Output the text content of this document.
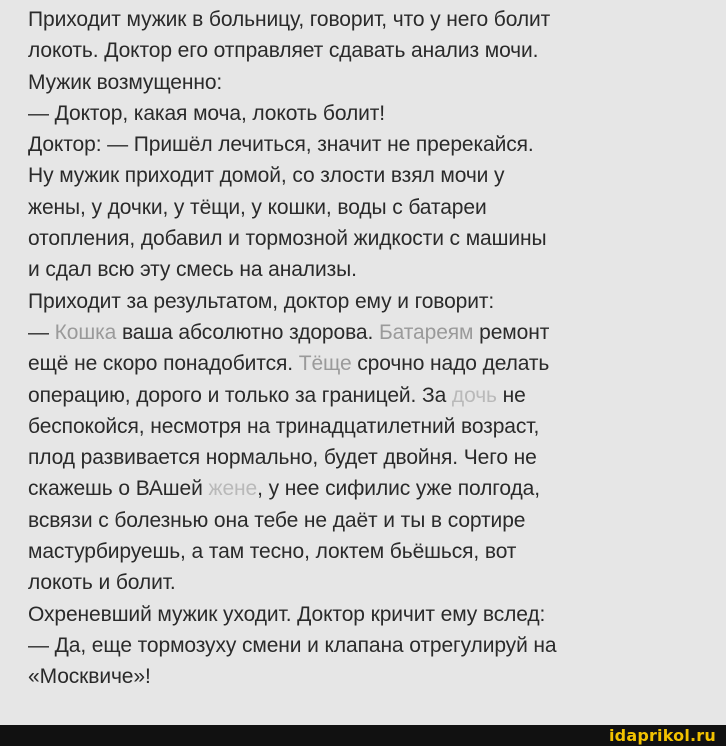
Приходит мужик в больницу, говорит, что у него болит
локоть. Доктор его отправляет сдавать анализ мочи.
Мужик возмущенно:
— Доктор, какая моча, локоть болит!
Доктор: — Пришёл лечиться, значит не пререкайся.
Ну мужик приходит домой, со злости взял мочи у
жены, у дочки, у тёщи, у кошки, воды с батареи
отопления, добавил и тормозной жидкости с машины
и сдал всю эту смесь на анализы.
Приходит за результатом, доктор ему и говорит:
— Кошка ваша абсолютно здорова. Батареям ремонт
ещё не скоро понадобится. Тёще срочно надо делать
операцию, дорого и только за границей. За дочь не
беспокойся, несмотря на тринадцатилетний возраст,
плод развивается нормально, будет двойня. Чего не
скажешь о ВАшей жене, у нее сифилис уже полгода,
всвязи с болезнью она тебе не даёт и ты в сортире
мастурбируешь, а там тесно, локтем бьёшься, вот
локоть и болит.
Охреневший мужик уходит. Доктор кричит ему вслед:
— Да, еще тормозуху смени и клапана отрегулируй на
«Москвиче»!
idaprikol.ru
